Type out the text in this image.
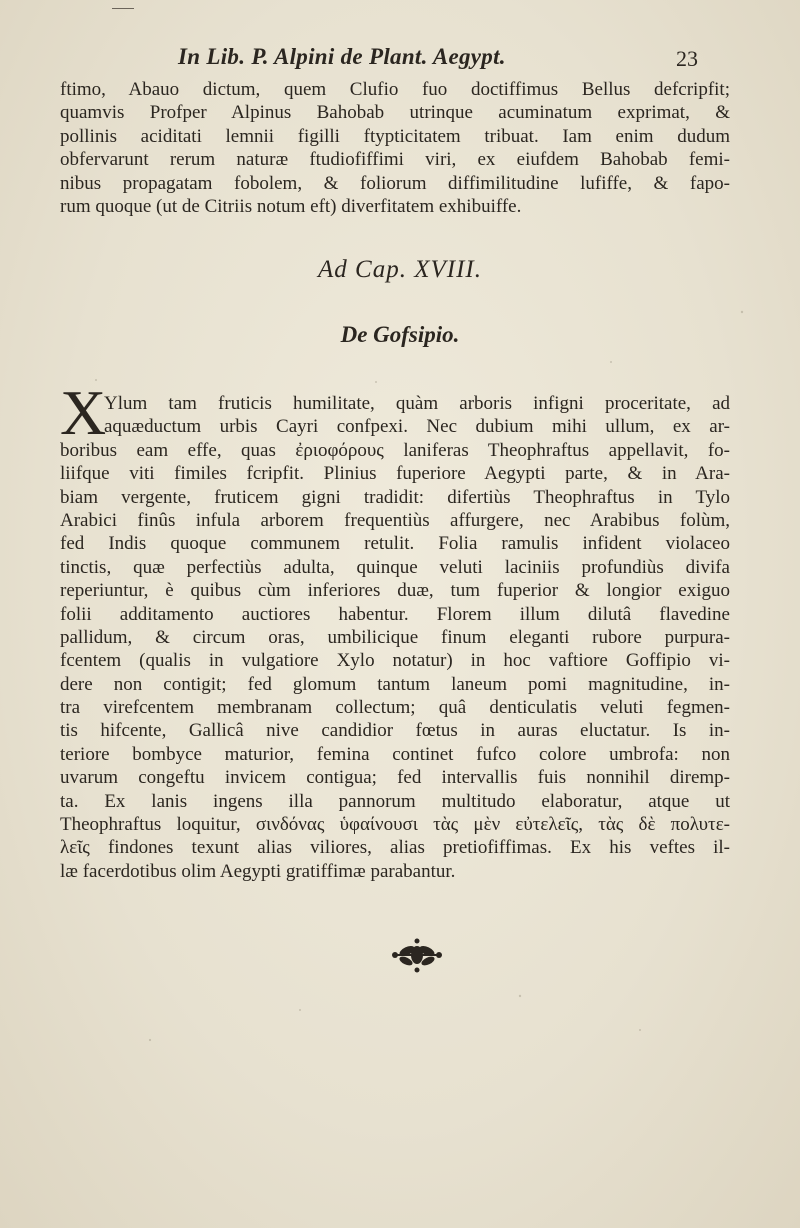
In Lib. P. Alpini de Plant. Aegypt.	23
ftimo, Abauo dictum, quem Clufio fuo doctiffimus Bellus defcripfit;
quamvis Profper Alpinus Bahobab utrinque acuminatum exprimat, &
pollinis aciditati lemnii figilli ftypticitatem tribuat. Iam enim dudum
obfervarunt rerum naturæ ftudiofiffimi viri, ex eiufdem Bahobab femi-
nibus propagatam fobolem, & foliorum diffimilitudine lufiffe, & fapo-
rum quoque (ut de Citriis notum eft) diverfitatem exhibuiffe.
Ad Cap. XVIII.
De Gofsipio.
X
Ylum tam fruticis humilitate, quàm arboris infigni proceritate, ad
aquæductum urbis Cayri confpexi. Nec dubium mihi ullum, ex ar-
boribus eam effe, quas ἐριοφόρους laniferas Theophraftus appellavit, fo-
liifque viti fimiles fcripfit. Plinius fuperiore Aegypti parte, & in Ara-
biam vergente, fruticem gigni tradidit: difertiùs Theophraftus in Tylo
Arabici finûs infula arborem frequentiùs affurgere, nec Arabibus folùm,
fed Indis quoque communem retulit. Folia ramulis infident violaceo
tinctis, quæ perfectiùs adulta, quinque veluti laciniis profundiùs divifa
reperiuntur, è quibus cùm inferiores duæ, tum fuperior & longior exiguo
folii additamento auctiores habentur. Florem illum dilutâ flavedine
pallidum, & circum oras, umbilicique finum eleganti rubore purpura-
fcentem (qualis in vulgatiore Xylo notatur) in hoc vaftiore Goffipio vi-
dere non contigit; fed glomum tantum laneum pomi magnitudine, in-
tra virefcentem membranam collectum; quâ denticulatis veluti fegmen-
tis hifcente, Gallicâ nive candidior fœtus in auras eluctatur. Is in-
teriore bombyce maturior, femina continet fufco colore umbrofa: non
uvarum congeftu invicem contigua; fed intervallis fuis nonnihil diremp-
ta. Ex lanis ingens illa pannorum multitudo elaboratur, atque ut
Theophraftus loquitur, σινδόνας ὑφαίνουσι τὰς μὲν εὐτελεῖς, τὰς δὲ πολυτε-
λεῖς findones texunt alias viliores, alias pretiofiffimas. Ex his veftes il-
læ facerdotibus olim Aegypti gratiffimæ parabantur.
